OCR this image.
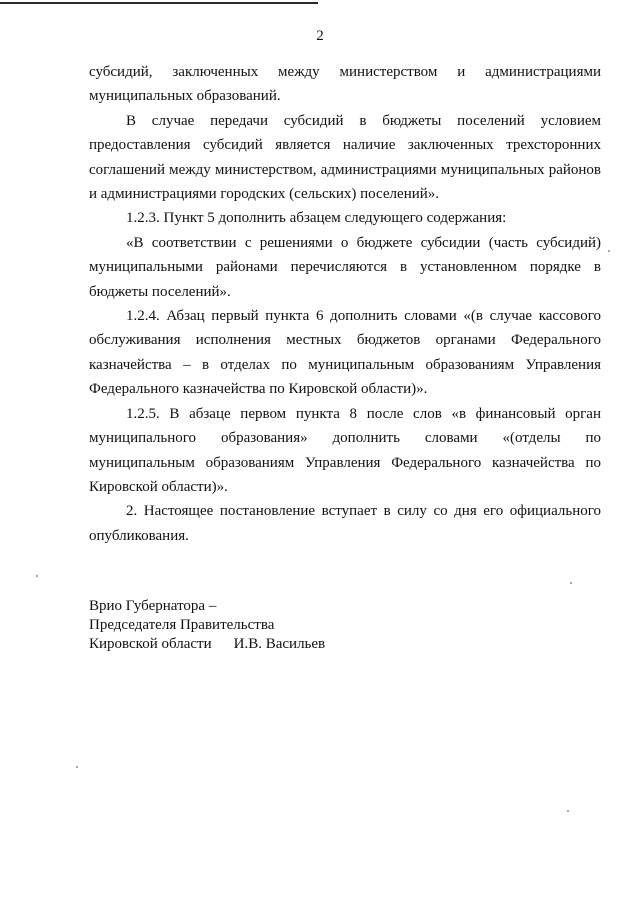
2

субсидий, заключенных между министерством и администрациями муниципальных образований.

В случае передачи субсидий в бюджеты поселений условием предоставления субсидий является наличие заключенных трехсторонних соглашений между министерством, администрациями муниципальных районов и администрациями городских (сельских) поселений».

1.2.3. Пункт 5 дополнить абзацем следующего содержания:

«В соответствии с решениями о бюджете субсидии (часть субсидий) муниципальными районами перечисляются в установленном порядке в бюджеты поселений».

1.2.4. Абзац первый пункта 6 дополнить словами «(в случае кассового обслуживания исполнения местных бюджетов органами Федерального казначейства – в отделах по муниципальным образованиям Управления Федерального казначейства по Кировской области)».

1.2.5. В абзаце первом пункта 8 после слов «в финансовый орган муниципального образования» дополнить словами «(отделы по муниципальным образованиям Управления Федерального казначейства по Кировской области)».

2. Настоящее постановление вступает в силу со дня его официального опубликования.

Врио Губернатора –
Председателя Правительства
Кировской области И.В. Васильев
